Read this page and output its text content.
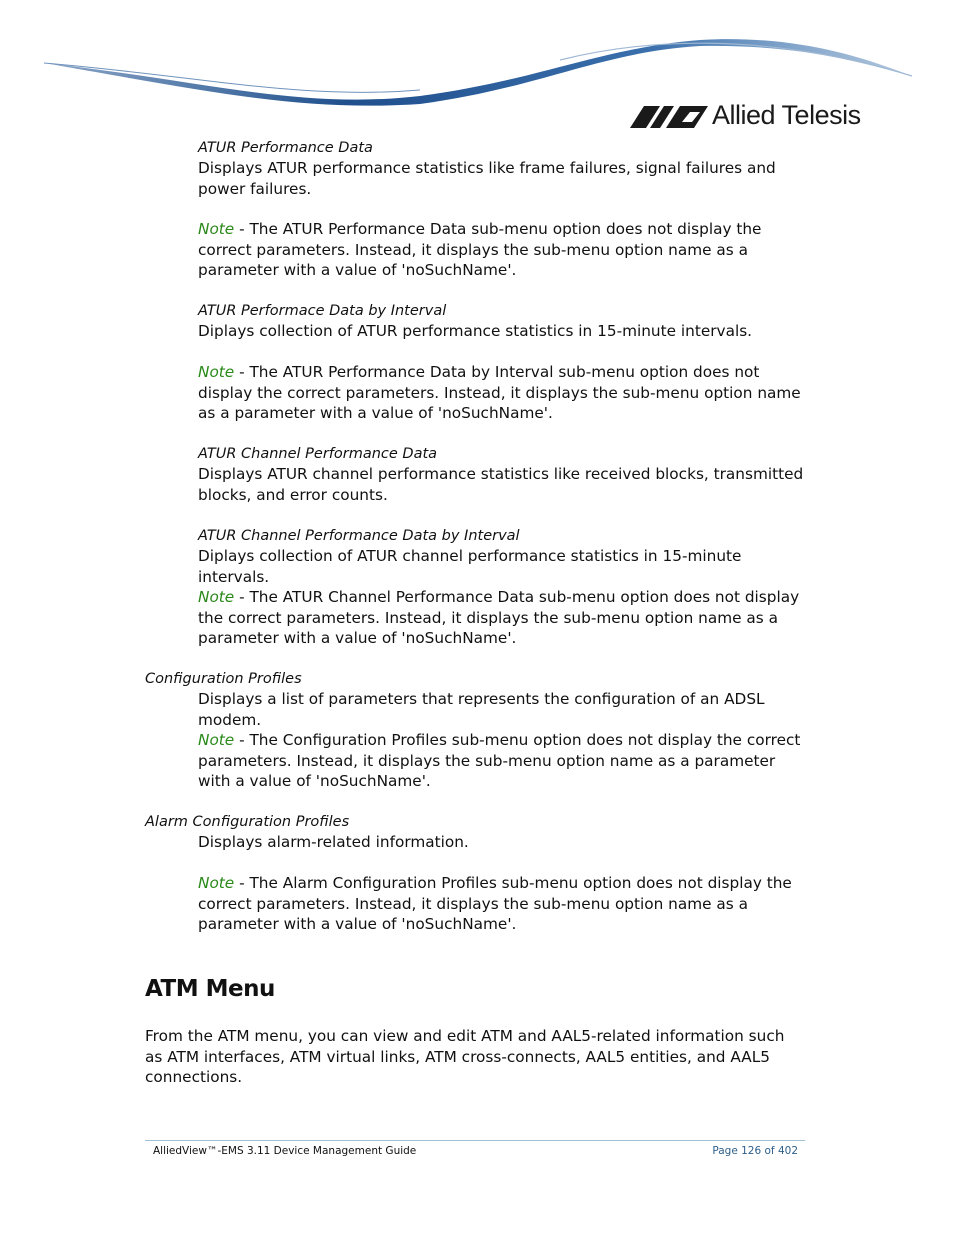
Allied Telesis
ATUR Performance Data

Displays ATUR performance statistics like frame failures, signal failures and power failures.

Note - The ATUR Performance Data sub-menu option does not display the correct parameters. Instead, it displays the sub-menu option name as a parameter with a value of 'noSuchName'.

ATUR Performace Data by Interval

Diplays collection of ATUR performance statistics in 15-minute intervals.

Note - The ATUR Performance Data by Interval sub-menu option does not display the correct parameters. Instead, it displays the sub-menu option name as a parameter with a value of 'noSuchName'.

ATUR Channel Performance Data

Displays ATUR channel performance statistics like received blocks, transmitted blocks, and error counts.

ATUR Channel Performance Data by Interval

Diplays collection of ATUR channel performance statistics in 15-minute intervals.

Note - The ATUR Channel Performance Data sub-menu option does not display the correct parameters. Instead, it displays the sub-menu option name as a parameter with a value of 'noSuchName'.

Configuration Profiles

Displays a list of parameters that represents the configuration of an ADSL modem.

Note - The Configuration Profiles sub-menu option does not display the correct parameters. Instead, it displays the sub-menu option name as a parameter with a value of 'noSuchName'.

Alarm Configuration Profiles

Displays alarm-related information.

Note - The Alarm Configuration Profiles sub-menu option does not display the correct parameters. Instead, it displays the sub-menu option name as a parameter with a value of 'noSuchName'.

ATM Menu

From the ATM menu, you can view and edit ATM and AAL5-related information such as ATM interfaces, ATM virtual links, ATM cross-connects, AAL5 entities, and AAL5 connections.

AlliedView™-EMS 3.11 Device Management Guide	Page 126 of 402
